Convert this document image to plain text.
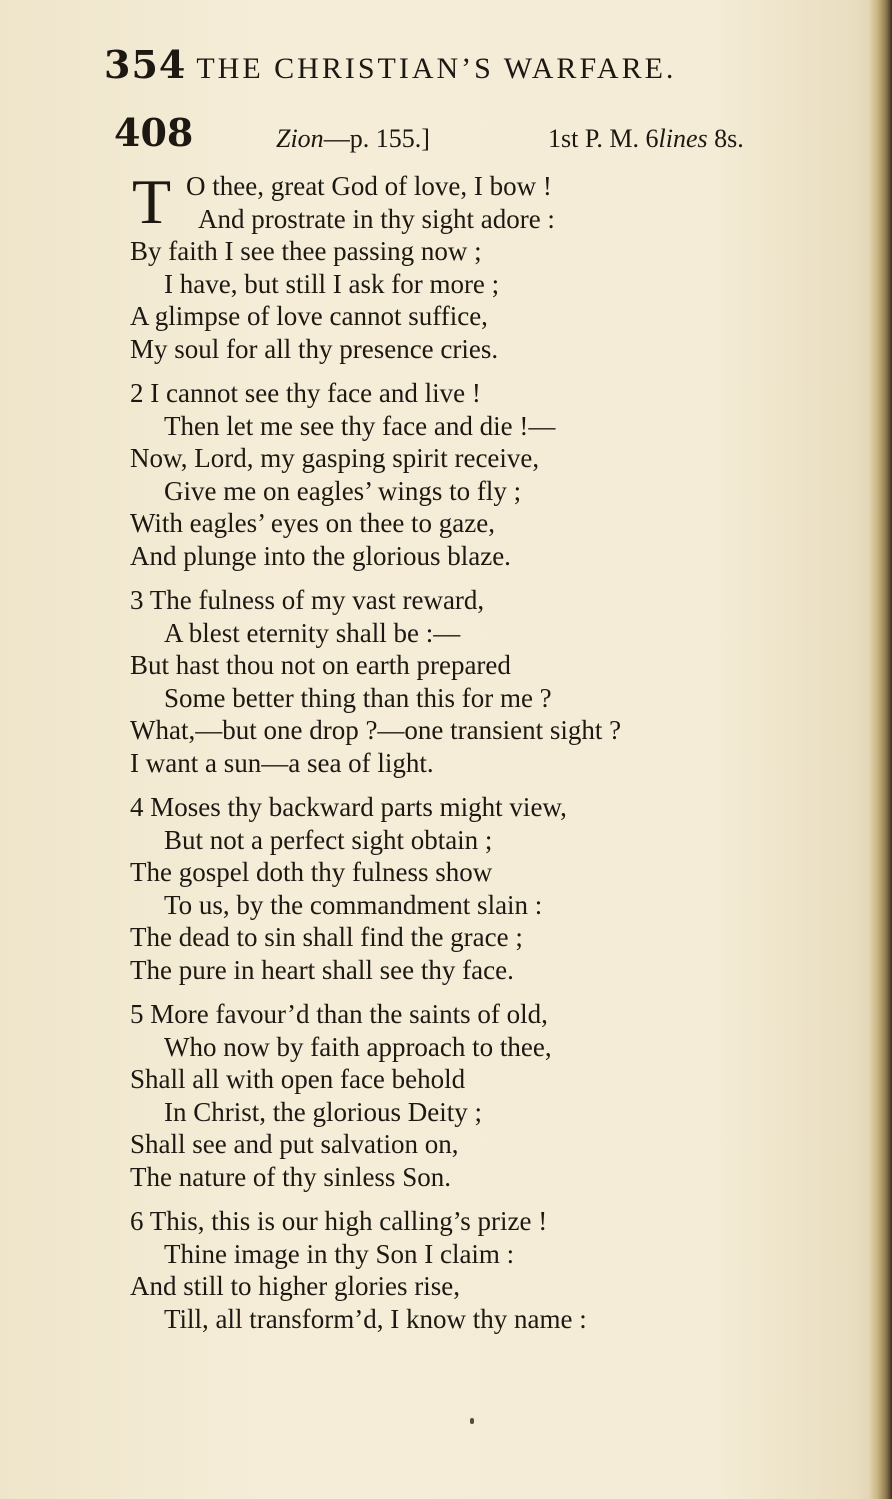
354 THE CHRISTIAN’S WARFARE.
408	Zion—p. 155.]	1st P. M. 6lines 8s.
T O thee, great God of love, I bow !
And prostrate in thy sight adore :
By faith I see thee passing now ;
I have, but still I ask for more ;
A glimpse of love cannot suffice,
My soul for all thy presence cries.
2 I cannot see thy face and live !
Then let me see thy face and die !—
Now, Lord, my gasping spirit receive,
Give me on eagles’ wings to fly ;
With eagles’ eyes on thee to gaze,
And plunge into the glorious blaze.
3 The fulness of my vast reward,
A blest eternity shall be :—
But hast thou not on earth prepared
Some better thing than this for me ?
What,—but one drop ?—one transient sight ?
I want a sun—a sea of light.
4 Moses thy backward parts might view,
But not a perfect sight obtain ;
The gospel doth thy fulness show
To us, by the commandment slain :
The dead to sin shall find the grace ;
The pure in heart shall see thy face.
5 More favour’d than the saints of old,
Who now by faith approach to thee,
Shall all with open face behold
In Christ, the glorious Deity ;
Shall see and put salvation on,
The nature of thy sinless Son.
6 This, this is our high calling’s prize !
Thine image in thy Son I claim :
And still to higher glories rise,
Till, all transform’d, I know thy name :
